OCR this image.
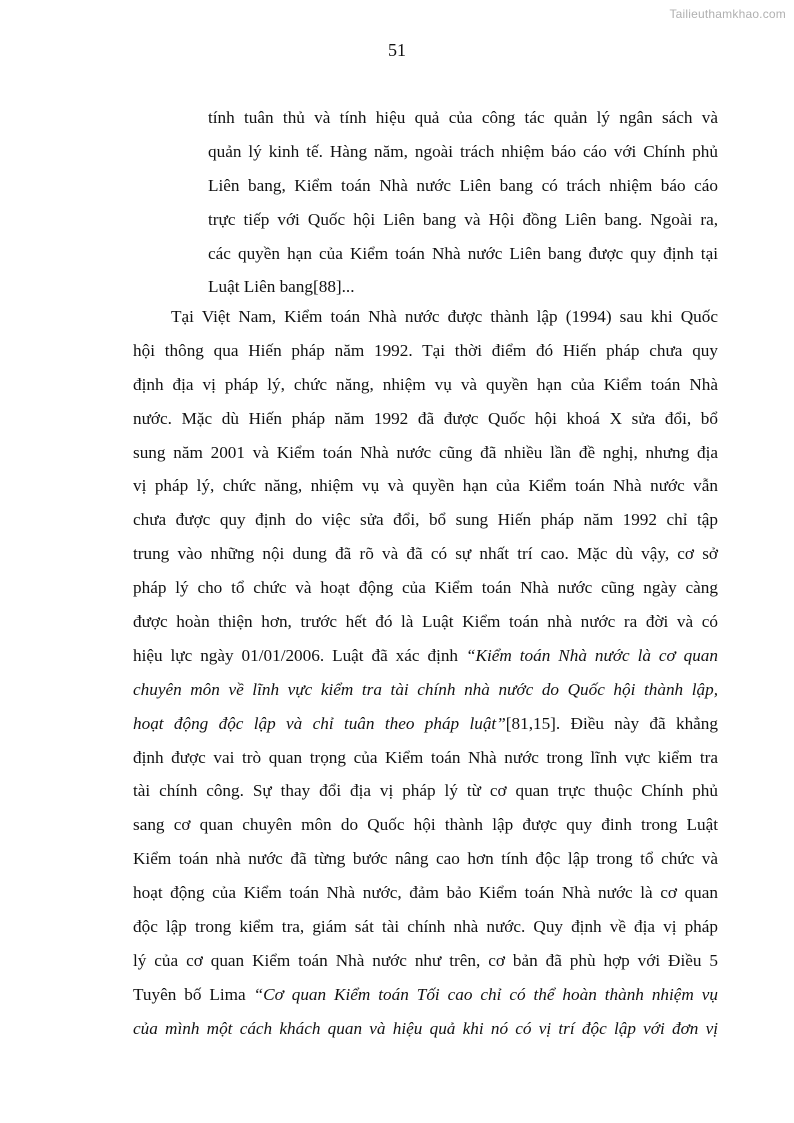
Tailieuthamkhao.com
51
tính tuân thủ và tính hiệu quả của công tác quản lý ngân sách và
quản lý kinh tế. Hàng năm, ngoài trách nhiệm báo cáo với Chính phủ
Liên bang, Kiểm toán Nhà nước Liên bang có trách nhiệm báo cáo
trực tiếp với Quốc hội Liên bang và Hội đồng Liên bang. Ngoài ra,
các quyền hạn của Kiểm toán Nhà nước Liên bang được quy định tại
Luật Liên bang[88]...
Tại Việt Nam, Kiểm toán Nhà nước được thành lập (1994) sau khi Quốc
hội thông qua Hiến pháp năm 1992. Tại thời điểm đó Hiến pháp chưa quy
định địa vị pháp lý, chức năng, nhiệm vụ và quyền hạn của Kiểm toán Nhà
nước. Mặc dù Hiến pháp năm 1992 đã được Quốc hội khoá X sửa đổi, bổ
sung năm 2001 và Kiểm toán Nhà nước cũng đã nhiều lần đề nghị, nhưng địa
vị pháp lý, chức năng, nhiệm vụ và quyền hạn của Kiểm toán Nhà nước vẫn
chưa được quy định do việc sửa đổi, bổ sung Hiến pháp năm 1992 chỉ tập
trung vào những nội dung đã rõ và đã có sự nhất trí cao. Mặc dù vậy, cơ sở
pháp lý cho tổ chức và hoạt động của Kiểm toán Nhà nước cũng ngày càng
được hoàn thiện hơn, trước hết đó là Luật Kiểm toán nhà nước ra đời và có
hiệu lực ngày 01/01/2006. Luật đã xác định “Kiểm toán Nhà nước là cơ quan
chuyên môn về lĩnh vực kiểm tra tài chính nhà nước do Quốc hội thành lập,
hoạt động độc lập và chỉ tuân theo pháp luật”[81,15]. Điều này đã khẳng
định được vai trò quan trọng của Kiểm toán Nhà nước trong lĩnh vực kiểm tra
tài chính công. Sự thay đổi địa vị pháp lý từ cơ quan trực thuộc Chính phủ
sang cơ quan chuyên môn do Quốc hội thành lập được quy đinh trong Luật
Kiểm toán nhà nước đã từng bước nâng cao hơn tính độc lập trong tổ chức và
hoạt động của Kiểm toán Nhà nước, đảm bảo Kiểm toán Nhà nước là cơ quan
độc lập trong kiểm tra, giám sát tài chính nhà nước. Quy định về địa vị pháp
lý của cơ quan Kiểm toán Nhà nước như trên, cơ bản đã phù hợp với Điều 5
Tuyên bố Lima “Cơ quan Kiểm toán Tối cao chỉ có thể hoàn thành nhiệm vụ
của mình một cách khách quan và hiệu quả khi nó có vị trí độc lập với đơn vị
